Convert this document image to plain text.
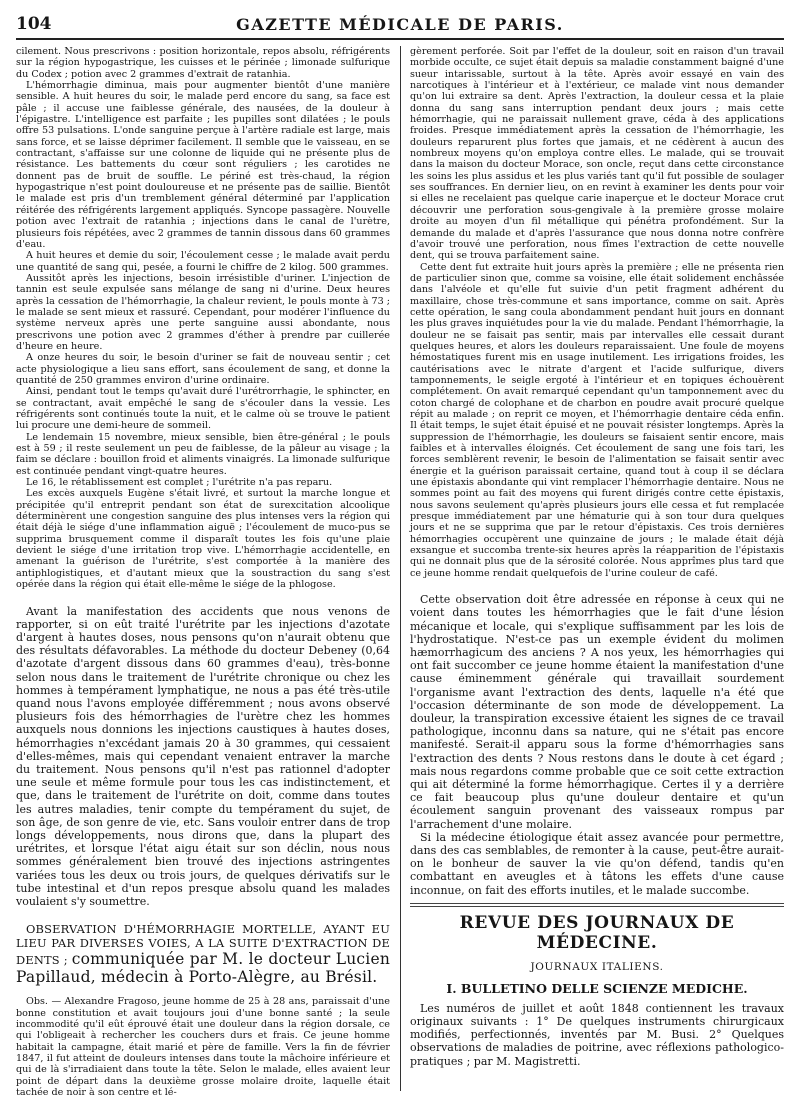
104	GAZETTE MÉDICALE DE PARIS.

cilement. Nous prescrivons : position horizontale, repos absolu, réfrigérents sur la région hypogastrique, les cuisses et le périnée ; limonade sulfurique du Codex ; potion avec 2 grammes d'extrait de ratanhia.

L'hémorrhagie diminua, mais pour augmenter bientôt d'une manière sensible. A huit heures du soir, le malade perd encore du sang, sa face est pâle ; il accuse une faiblesse générale, des nausées, de la douleur à l'épigastre. L'intelligence est parfaite ; les pupilles sont dilatées ; le pouls offre 53 pulsations. L'onde sanguine perçue à l'artère radiale est large, mais sans force, et se laisse déprimer facilement. Il semble que le vaisseau, en se contractant, s'affaisse sur une colonne de liquide qui ne présente plus de résistance. Les battements du cœur sont réguliers ; les carotides ne donnent pas de bruit de souffle. Le périné est très-chaud, la région hypogastrique n'est point douloureuse et ne présente pas de saillie. Bientôt le malade est pris d'un tremblement général déterminé par l'application réitérée des réfrigérents largement appliqués. Syncope passagère. Nouvelle potion avec l'extrait de ratanhia ; injections dans le canal de l'urètre, plusieurs fois répétées, avec 2 grammes de tannin dissous dans 60 grammes d'eau.

A huit heures et demie du soir, l'écoulement cesse ; le malade avait perdu une quantité de sang qui, pesée, a fourni le chiffre de 2 kilog. 500 grammes.

Aussitôt après les injections, besoin irrésistible d'uriner. L'injection de tannin est seule expulsée sans mélange de sang ni d'urine. Deux heures après la cessation de l'hémorrhagie, la chaleur revient, le pouls monte à 73 ; le malade se sent mieux et rassuré. Cependant, pour modérer l'influence du système nerveux après une perte sanguine aussi abondante, nous prescrivons une potion avec 2 grammes d'éther à prendre par cuillerée d'heure en heure.

A onze heures du soir, le besoin d'uriner se fait de nouveau sentir ; cet acte physiologique a lieu sans effort, sans écoulement de sang, et donne la quantité de 250 grammes environ d'urine ordinaire.

Ainsi, pendant tout le temps qu'avait duré l'urétrorrhagie, le sphincter, en se contractant, avait empêché le sang de s'écouler dans la vessie. Les réfrigérents sont continués toute la nuit, et le calme où se trouve le patient lui procure une demi-heure de sommeil.

Le lendemain 15 novembre, mieux sensible, bien être-général ; le pouls est à 59 ; il reste seulement un peu de faiblesse, de la pâleur au visage ; la faim se déclare : bouillon froid et aliments vinaigrés. La limonade sulfurique est continuée pendant vingt-quatre heures.

Le 16, le rétablissement est complet ; l'urétrite n'a pas reparu.

Les excès auxquels Eugène s'était livré, et surtout la marche longue et précipitée qu'il entreprit pendant son état de surexcitation alcoolique déterminèrent une congestion sanguine des plus intenses vers la région qui était déjà le siége d'une inflammation aiguë ; l'écoulement de muco-pus se supprima brusquement comme il disparaît toutes les fois qu'une plaie devient le siége d'une irritation trop vive. L'hémorrhagie accidentelle, en amenant la guérison de l'urétrite, s'est comportée à la manière des antiphlogistiques, et d'autant mieux que la soustraction du sang s'est opérée dans la région qui était elle-même le siége de la phlogose.

Avant la manifestation des accidents que nous venons de rapporter, si on eût traité l'urétrite par les injections d'azotate d'argent à hautes doses, nous pensons qu'on n'aurait obtenu que des résultats défavorables. La méthode du docteur Debeney (0,64 d'azotate d'argent dissous dans 60 grammes d'eau), très-bonne selon nous dans le traitement de l'urétrite chronique ou chez les hommes à tempérament lymphatique, ne nous a pas été très-utile quand nous l'avons employée différemment ; nous avons observé plusieurs fois des hémorrhagies de l'urètre chez les hommes auxquels nous donnions les injections caustiques à hautes doses, hémorrhagies n'excédant jamais 20 à 30 grammes, qui cessaient d'elles-mêmes, mais qui cependant venaient entraver la marche du traitement. Nous pensons qu'il n'est pas rationnel d'adopter une seule et même formule pour tous les cas indistinctement, et que, dans le traitement de l'urétrite on doit, comme dans toutes les autres maladies, tenir compte du tempérament du sujet, de son âge, de son genre de vie, etc. Sans vouloir entrer dans de trop longs développements, nous dirons que, dans la plupart des urétrites, et lorsque l'état aigu était sur son déclin, nous nous sommes généralement bien trouvé des injections astringentes variées tous les deux ou trois jours, de quelques dérivatifs sur le tube intestinal et d'un repos presque absolu quand les malades voulaient s'y soumettre.

OBSERVATION D'HÉMORRHAGIE MORTELLE, AYANT EU LIEU PAR DIVERSES VOIES, A LA SUITE D'EXTRACTION DE DENTS ; communiquée par M. le docteur Lucien Papillaud, médecin à Porto-Alègre, au Brésil.

Obs. — Alexandre Fragoso, jeune homme de 25 à 28 ans, paraissait d'une bonne constitution et avait toujours joui d'une bonne santé ; la seule incommodité qu'il eût éprouvé était une douleur dans la région dorsale, ce qui l'obligeait à rechercher les couchers durs et frais. Ce jeune homme habitait la campagne, était marié et père de famille. Vers la fin de février 1847, il fut atteint de douleurs intenses dans toute la mâchoire inférieure et qui de là s'irradiaient dans toute la tête. Selon le malade, elles avaient leur point de départ dans la deuxième grosse molaire droite, laquelle était tachée de noir à son centre et lé-

gèrement perforée. Soit par l'effet de la douleur, soit en raison d'un travail morbide occulte, ce sujet était depuis sa maladie constamment baigné d'une sueur intarissable, surtout à la tête. Après avoir essayé en vain des narcotiques à l'intérieur et à l'extérieur, ce malade vint nous demander qu'on lui extraire sa dent. Après l'extraction, la douleur cessa et la plaie donna du sang sans interruption pendant deux jours ; mais cette hémorrhagie, qui ne paraissait nullement grave, céda à des applications froides. Presque immédiatement après la cessation de l'hémorrhagie, les douleurs reparurent plus fortes que jamais, et ne cédèrent à aucun des nombreux moyens qu'on employa contre elles. Le malade, qui se trouvait dans la maison du docteur Morace, son oncle, reçut dans cette circonstance les soins les plus assidus et les plus variés tant qu'il fut possible de soulager ses souffrances. En dernier lieu, on en revint à examiner les dents pour voir si elles ne recelaient pas quelque carie inaperçue et le docteur Morace crut découvrir une perforation sous-gengivale à la première grosse molaire droite au moyen d'un fil métallique qui pénétra profondément. Sur la demande du malade et d'après l'assurance que nous donna notre confrère d'avoir trouvé une perforation, nous fîmes l'extraction de cette nouvelle dent, qui se trouva parfaitement saine.

Cette dent fut extraite huit jours après la première ; elle ne présenta rien de particulier sinon que, comme sa voisine, elle était solidement enchâssée dans l'alvéole et qu'elle fut suivie d'un petit fragment adhérent du maxillaire, chose très-commune et sans importance, comme on sait. Après cette opération, le sang coula abondamment pendant huit jours en donnant les plus graves inquiétudes pour la vie du malade. Pendant l'hémorrhagie, la douleur ne se faisait pas sentir, mais par intervalles elle cessait durant quelques heures, et alors les douleurs reparaissaient. Une foule de moyens hémostatiques furent mis en usage inutilement. Les irrigations froides, les cautérisations avec le nitrate d'argent et l'acide sulfurique, divers tamponnements, le seigle ergoté à l'intérieur et en topiques échouèrent complétement. On avait remarqué cependant qu'un tamponnement avec du coton chargé de colophane et de charbon en poudre avait procuré quelque répit au malade ; on reprit ce moyen, et l'hémorrhagie dentaire céda enfin. Il était temps, le sujet était épuisé et ne pouvait résister longtemps. Après la suppression de l'hémorrhagie, les douleurs se faisaient sentir encore, mais faibles et à intervalles éloignés. Cet écoulement de sang une fois tari, les forces semblèrent revenir, le besoin de l'alimentation se faisait sentir avec énergie et la guérison paraissait certaine, quand tout à coup il se déclara une épistaxis abondante qui vint remplacer l'hémorrhagie dentaire. Nous ne sommes point au fait des moyens qui furent dirigés contre cette épistaxis, nous savons seulement qu'après plusieurs jours elle cessa et fut remplacée presque immédiatement par une hématurie qui à son tour dura quelques jours et ne se supprima que par le retour d'épistaxis. Ces trois dernières hémorrhagies occupèrent une quinzaine de jours ; le malade était déjà exsangue et succomba trente-six heures après la réapparition de l'épistaxis qui ne donnait plus que de la sérosité colorée. Nous apprîmes plus tard que ce jeune homme rendait quelquefois de l'urine couleur de café.

Cette observation doit être adressée en réponse à ceux qui ne voient dans toutes les hémorrhagies que le fait d'une lésion mécanique et locale, qui s'explique suffisamment par les lois de l'hydrostatique. N'est-ce pas un exemple évident du molimen hæmorrhagicum des anciens ? A nos yeux, les hémorrhagies qui ont fait succomber ce jeune homme étaient la manifestation d'une cause éminemment générale qui travaillait sourdement l'organisme avant l'extraction des dents, laquelle n'a été que l'occasion déterminante de son mode de développement. La douleur, la transpiration excessive étaient les signes de ce travail pathologique, inconnu dans sa nature, qui ne s'était pas encore manifesté. Serait-il apparu sous la forme d'hémorrhagies sans l'extraction des dents ? Nous restons dans le doute à cet égard ; mais nous regardons comme probable que ce soit cette extraction qui ait déterminé la forme hémorrhagique. Certes il y a derrière ce fait beaucoup plus qu'une douleur dentaire et qu'un écoulement sanguin provenant des vaisseaux rompus par l'arrachement d'une molaire.

Si la médecine étiologique était assez avancée pour permettre, dans des cas semblables, de remonter à la cause, peut-être aurait-on le bonheur de sauver la vie qu'on défend, tandis qu'en combattant en aveugles et à tâtons les effets d'une cause inconnue, on fait des efforts inutiles, et le malade succombe.

REVUE DES JOURNAUX DE MÉDECINE.
JOURNAUX ITALIENS.
I. BULLETINO DELLE SCIENZE MEDICHE.

Les numéros de juillet et août 1848 contiennent les travaux originaux suivants : 1° De quelques instruments chirurgicaux modifiés, perfectionnés, inventés par M. Busi. 2° Quelques observations de maladies de poitrine, avec réflexions pathologico-pratiques ; par M. Magistretti.
